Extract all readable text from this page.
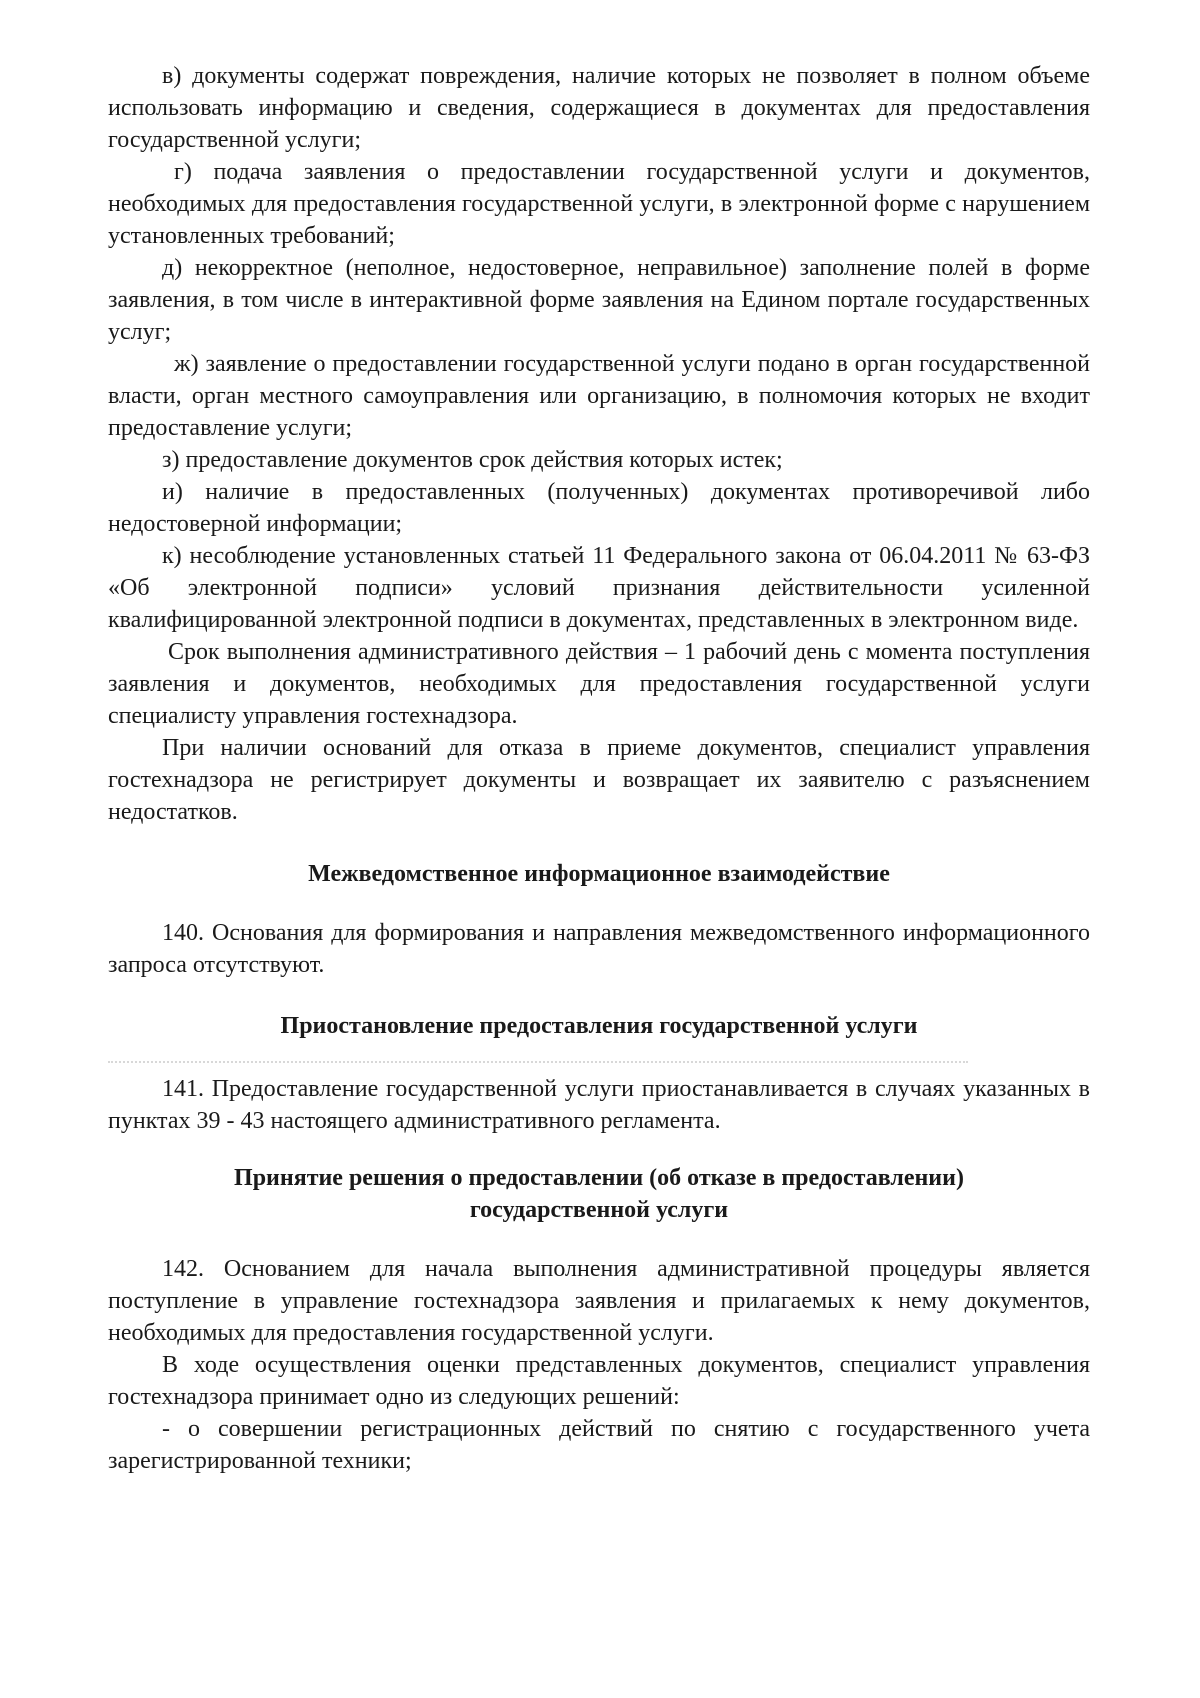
в) документы содержат повреждения, наличие которых не позволяет в полном объеме использовать информацию и сведения, содержащиеся в документах для предоставления государственной услуги;

г) подача заявления о предоставлении государственной услуги и документов, необходимых для предоставления государственной услуги, в электронной форме с нарушением установленных требований;

д) некорректное (неполное, недостоверное, неправильное) заполнение полей в форме заявления, в том числе в интерактивной форме заявления на Едином портале государственных услуг;

ж) заявление о предоставлении государственной услуги подано в орган государственной власти, орган местного самоуправления или организацию, в полномочия которых не входит предоставление услуги;

з) предоставление документов срок действия которых истек;

и) наличие в предоставленных (полученных) документах противоречивой либо недостоверной информации;

к) несоблюдение установленных статьей 11 Федерального закона от 06.04.2011 № 63-ФЗ «Об электронной подписи» условий признания действительности усиленной квалифицированной электронной подписи в документах, представленных в электронном виде.

Срок выполнения административного действия – 1 рабочий день с момента поступления заявления и документов, необходимых для предоставления государственной услуги специалисту управления гостехнадзора.

При наличии оснований для отказа в приеме документов, специалист управления гостехнадзора не регистрирует документы и возвращает их заявителю с разъяснением недостатков.

Межведомственное информационное взаимодействие

140. Основания для формирования и направления межведомственного информационного запроса отсутствуют.

Приостановление предоставления государственной услуги

141. Предоставление государственной услуги приостанавливается в случаях указанных в пунктах 39 - 43 настоящего административного регламента.

Принятие решения о предоставлении (об отказе в предоставлении)
государственной услуги

142. Основанием для начала выполнения административной процедуры является поступление в управление гостехнадзора заявления и прилагаемых к нему документов, необходимых для предоставления государственной услуги.

В ходе осуществления оценки представленных документов, специалист управления гостехнадзора принимает одно из следующих решений:

- о совершении регистрационных действий по снятию с государственного учета зарегистрированной техники;
